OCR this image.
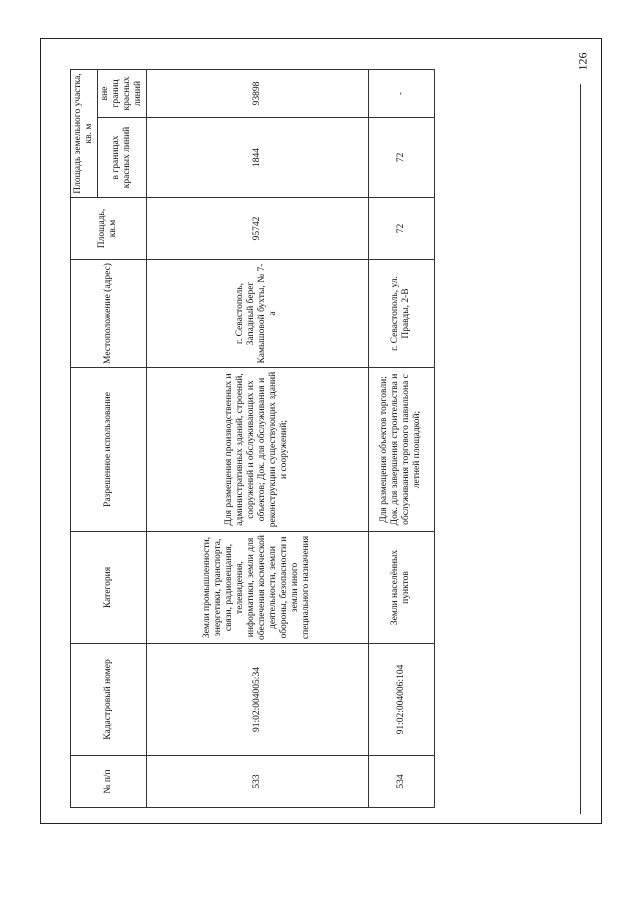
126
№ п/п	Кадастровый номер	Категория	Разрешенное использование	Местоположение (адрес)	Площадь, кв.м	Площадь земельного участка, кв. м	
						в границах красных линий	вне границ красных линий
533	91:02:004005:34	Земли промышленности, энергетики, транспорта, связи, радиовещания, телевидения, информатики, земли для обеспечения космической деятельности, земли обороны, безопасности и земли иного специального назначения	Для размещения производственных и административных зданий, строений, сооружений и обслуживающих их объектов; Док. для обслуживания и реконструкции существующих зданий и сооружений;	г. Севастополь, Западный берег Камышовой бухты, № 7-а	95742	1844	93898
534	91:02:004006:104	Земли населённых пунктов	Для размещения объектов торговли; Док. для завершения строительства и обслуживания торгового павильона с летней площадкой;	г. Севастополь, ул. Правды, 2-В	72	72	-
